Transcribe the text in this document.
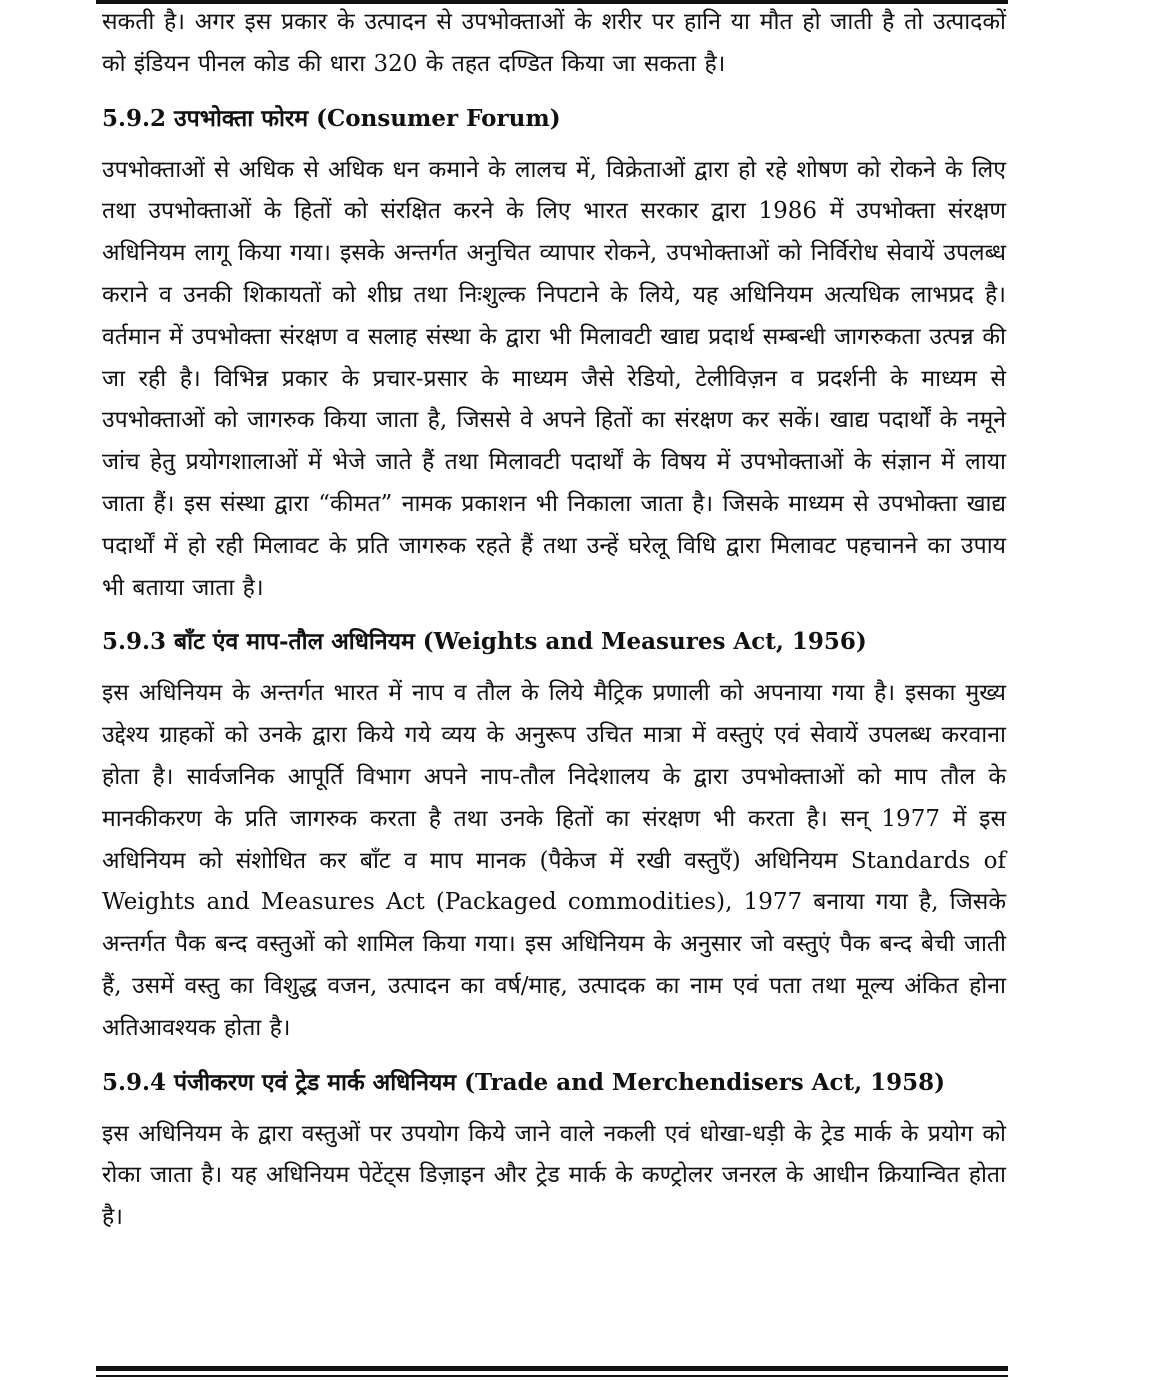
सकती है। अगर इस प्रकार के उत्पादन से उपभोक्ताओं के शरीर पर हानि या मौत हो जाती है तो उत्पादकों को इंडियन पीनल कोड की धारा 320 के तहत दण्डित किया जा सकता है।

5.9.2 उपभोक्ता फोरम (Consumer Forum)

उपभोक्ताओं से अधिक से अधिक धन कमाने के लालच में, विक्रेताओं द्वारा हो रहे शोषण को रोकने के लिए तथा उपभोक्ताओं के हितों को संरक्षित करने के लिए भारत सरकार द्वारा 1986 में उपभोक्ता संरक्षण अधिनियम लागू किया गया। इसके अन्तर्गत अनुचित व्यापार रोकने, उपभोक्ताओं को निर्विरोध सेवायें उपलब्ध कराने व उनकी शिकायतों को शीघ्र तथा निःशुल्क निपटाने के लिये, यह अधिनियम अत्यधिक लाभप्रद है। वर्तमान में उपभोक्ता संरक्षण व सलाह संस्था के द्वारा भी मिलावटी खाद्य प्रदार्थ सम्बन्धी जागरुकता उत्पन्न की जा रही है। विभिन्न प्रकार के प्रचार-प्रसार के माध्यम जैसे रेडियो, टेलीविज़न व प्रदर्शनी के माध्यम से उपभोक्ताओं को जागरुक किया जाता है, जिससे वे अपने हितों का संरक्षण कर सकें। खाद्य पदार्थों के नमूने जांच हेतु प्रयोगशालाओं में भेजे जाते हैं तथा मिलावटी पदार्थों के विषय में उपभोक्ताओं के संज्ञान में लाया जाता हैं। इस संस्था द्वारा “कीमत” नामक प्रकाशन भी निकाला जाता है। जिसके माध्यम से उपभोक्ता खाद्य पदार्थों में हो रही मिलावट के प्रति जागरुक रहते हैं तथा उन्हें घरेलू विधि द्वारा मिलावट पहचानने का उपाय भी बताया जाता है।

5.9.3 बाँट एंव माप-तौल अधिनियम (Weights and Measures Act, 1956)

इस अधिनियम के अन्तर्गत भारत में नाप व तौल के लिये मैट्रिक प्रणाली को अपनाया गया है। इसका मुख्य उद्देश्य ग्राहकों को उनके द्वारा किये गये व्यय के अनुरूप उचित मात्रा में वस्तुएं एवं सेवायें उपलब्ध करवाना होता है। सार्वजनिक आपूर्ति विभाग अपने नाप-तौल निदेशालय के द्वारा उपभोक्ताओं को माप तौल के मानकीकरण के प्रति जागरुक करता है तथा उनके हितों का संरक्षण भी करता है। सन् 1977 में इस अधिनियम को संशोधित कर बाँट व माप मानक (पैकेज में रखी वस्तुएँ) अधिनियम Standards of Weights and Measures Act (Packaged commodities), 1977 बनाया गया है, जिसके अन्तर्गत पैक बन्द वस्तुओं को शामिल किया गया। इस अधिनियम के अनुसार जो वस्तुएं पैक बन्द बेची जाती हैं, उसमें वस्तु का विशुद्ध वजन, उत्पादन का वर्ष/माह, उत्पादक का नाम एवं पता तथा मूल्य अंकित होना अतिआवश्यक होता है।

5.9.4 पंजीकरण एवं ट्रेड मार्क अधिनियम (Trade and Merchendisers Act, 1958)

इस अधिनियम के द्वारा वस्तुओं पर उपयोग किये जाने वाले नकली एवं धोखा-धड़ी के ट्रेड मार्क के प्रयोग को रोका जाता है। यह अधिनियम पेटेंट्स डिज़ाइन और ट्रेड मार्क के कण्ट्रोलर जनरल के आधीन क्रियान्वित होता है।
